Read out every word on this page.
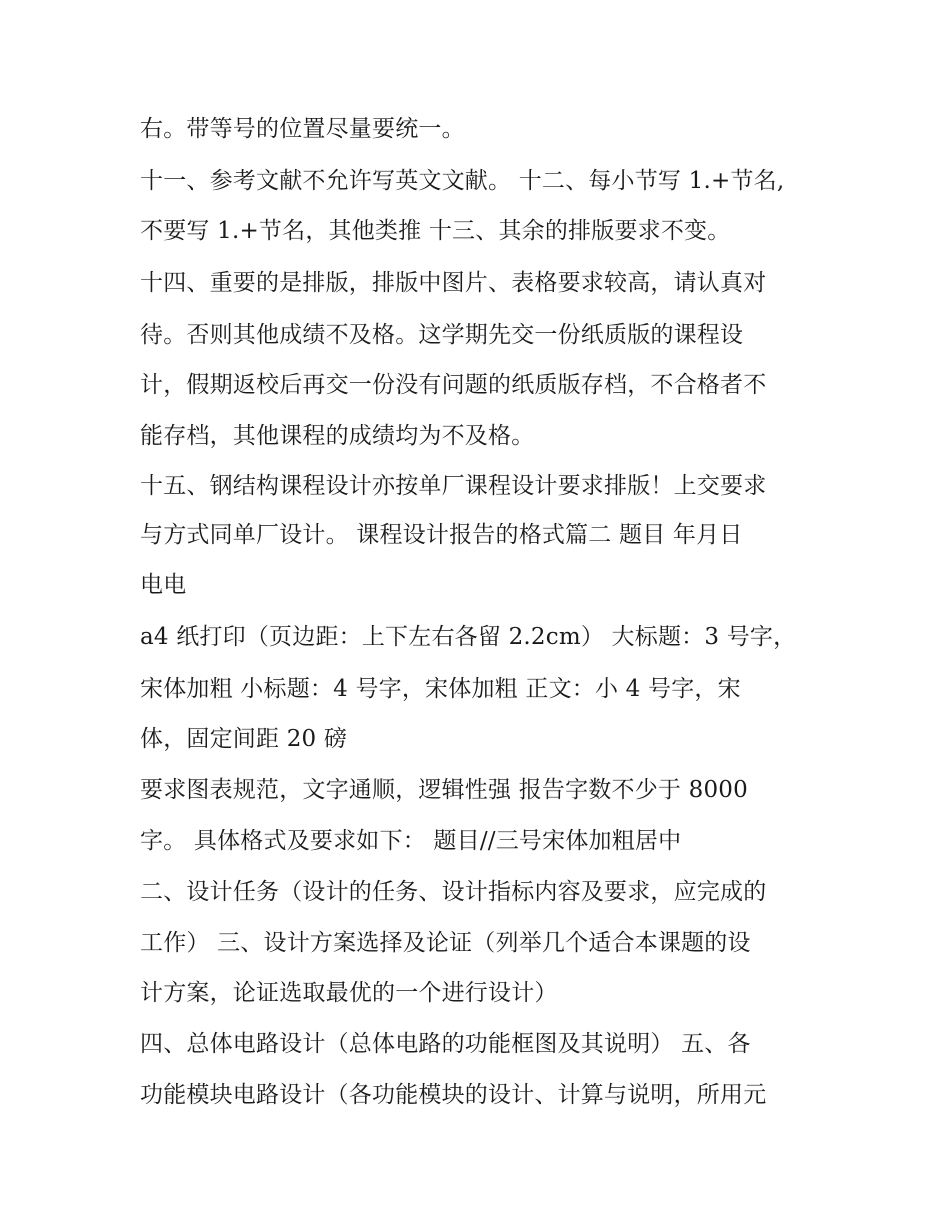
右。带等号的位置尽量要统一。

十一、参考文献不允许写英文文献。 十二、每小节写 1.+节名,

不要写 1.+节名，其他类推 十三、其余的排版要求不变。

十四、重要的是排版，排版中图片、表格要求较高，请认真对

待。否则其他成绩不及格。这学期先交一份纸质版的课程设

计，假期返校后再交一份没有问题的纸质版存档，不合格者不

能存档，其他课程的成绩均为不及格。

十五、钢结构课程设计亦按单厂课程设计要求排版！上交要求

与方式同单厂设计。 课程设计报告的格式篇二 题目 年月日

电电

a4 纸打印（页边距：上下左右各留 2.2cm） 大标题：3 号字，

宋体加粗 小标题：4 号字，宋体加粗 正文：小 4 号字，宋

体，固定间距 20 磅

要求图表规范，文字通顺，逻辑性强 报告字数不少于 8000

字。 具体格式及要求如下： 题目//三号宋体加粗居中

二、设计任务（设计的任务、设计指标内容及要求，应完成的

工作） 三、设计方案选择及论证（列举几个适合本课题的设

计方案，论证选取最优的一个进行设计）

四、总体电路设计（总体电路的功能框图及其说明） 五、各

功能模块电路设计（各功能模块的设计、计算与说明，所用元
